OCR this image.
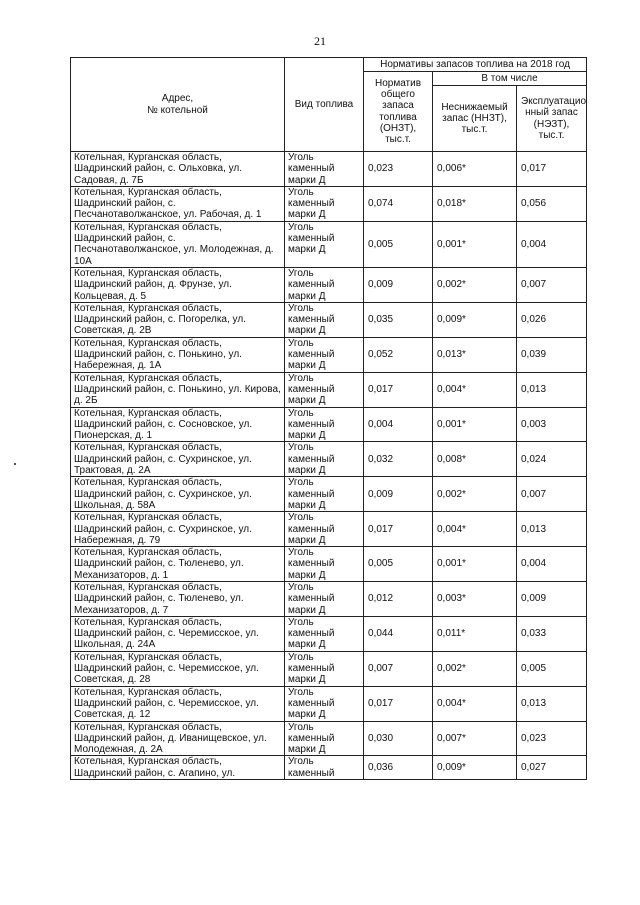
21
Адрес,
№ котельной	Вид топлива	Нормативы запасов топлива на 2018 год		
		Норматив общего запаса топлива (ОНЗТ), тыс.т.	В том числе	
			Неснижаемый запас (ННЗТ), тыс.т.	Эксплуатацио нный запас (НЭЗТ), тыс.т.
Котельная, Курганская область, Шадринский район, с. Ольховка, ул. Садовая, д. 7Б	Уголь каменный марки Д	0,023	0,006*	0,017
Котельная, Курганская область, Шадринский район, с. Песчанотаволжанское, ул. Рабочая, д. 1	Уголь каменный марки Д	0,074	0,018*	0,056
Котельная, Курганская область, Шадринский район, с. Песчанотаволжанское, ул. Молодежная, д. 10А	Уголь каменный марки Д	0,005	0,001*	0,004
Котельная, Курганская область, Шадринский район, д. Фрунзе, ул. Кольцевая, д. 5	Уголь каменный марки Д	0,009	0,002*	0,007
Котельная, Курганская область, Шадринский район, с. Погорелка, ул. Советская, д. 2В	Уголь каменный марки Д	0,035	0,009*	0,026
Котельная, Курганская область, Шадринский район, с. Понькино, ул. Набережная, д. 1А	Уголь каменный марки Д	0,052	0,013*	0,039
Котельная, Курганская область, Шадринский район, с. Понькино, ул. Кирова, д. 2Б	Уголь каменный марки Д	0,017	0,004*	0,013
Котельная, Курганская область, Шадринский район, с. Сосновское, ул. Пионерская, д. 1	Уголь каменный марки Д	0,004	0,001*	0,003
Котельная, Курганская область, Шадринский район, с. Сухринское, ул. Трактовая, д. 2А	Уголь каменный марки Д	0,032	0,008*	0,024
Котельная, Курганская область, Шадринский район, с. Сухринское, ул. Школьная, д. 58А	Уголь каменный марки Д	0,009	0,002*	0,007
Котельная, Курганская область, Шадринский район, с. Сухринское, ул. Набережная, д. 79	Уголь каменный марки Д	0,017	0,004*	0,013
Котельная, Курганская область, Шадринский район, с. Тюленево, ул. Механизаторов, д. 1	Уголь каменный марки Д	0,005	0,001*	0,004
Котельная, Курганская область, Шадринский район, с. Тюленево, ул. Механизаторов, д. 7	Уголь каменный марки Д	0,012	0,003*	0,009
Котельная, Курганская область, Шадринский район, с. Черемисское, ул. Школьная, д. 24А	Уголь каменный марки Д	0,044	0,011*	0,033
Котельная, Курганская область, Шадринский район, с. Черемисское, ул. Советская, д. 28	Уголь каменный марки Д	0,007	0,002*	0,005
Котельная, Курганская область, Шадринский район, с. Черемисское, ул. Советская, д. 12	Уголь каменный марки Д	0,017	0,004*	0,013
Котельная, Курганская область, Шадринский район, д. Иванищевское, ул. Молодежная, д. 2А	Уголь каменный марки Д	0,030	0,007*	0,023
Котельная, Курганская область, Шадринский район, с. Агапино, ул.	Уголь каменный	0,036	0,009*	0,027
